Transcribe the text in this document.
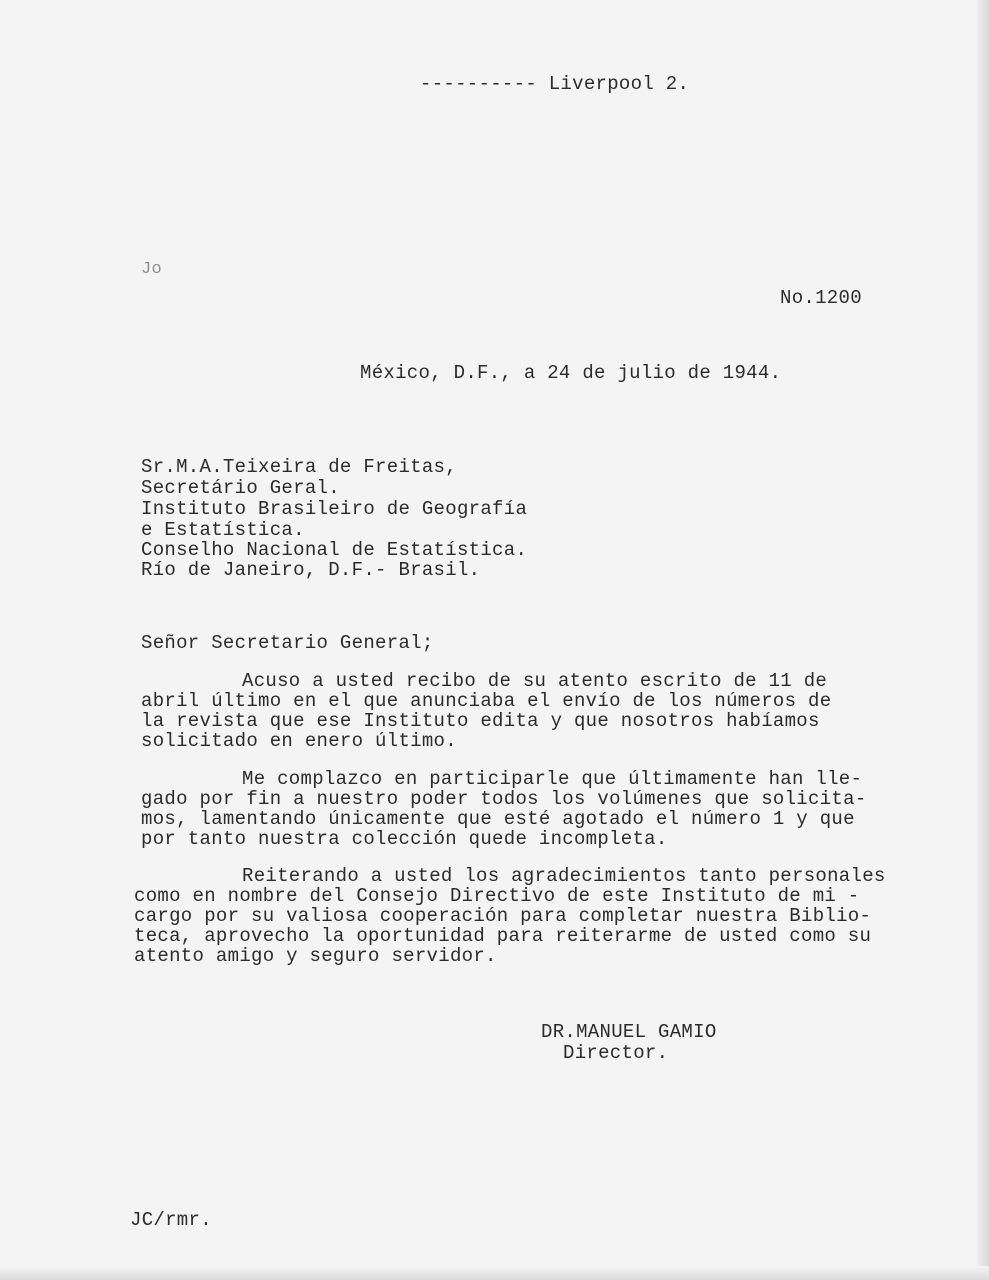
---------- Liverpool 2.
Jo
No.1200
México, D.F., a 24 de julio de 1944.
Sr.M.A.Teixeira de Freitas,
Secretário Geral.
Instituto Brasileiro de Geografía
e Estatística.
Conselho Nacional de Estatística.
Río de Janeiro, D.F.- Brasil.
Señor Secretario General;
Acuso a usted recibo de su atento escrito de 11 de
abril último en el que anunciaba el envío de los números de
la revista que ese Instituto edita y que nosotros habíamos
solicitado en enero último.
Me complazco en participarle que últimamente han lle-
gado por fin a nuestro poder todos los volúmenes que solicita-
mos, lamentando únicamente que esté agotado el número 1 y que
por tanto nuestra colección quede incompleta.
Reiterando a usted los agradecimientos tanto personales
como en nombre del Consejo Directivo de este Instituto de mi -
cargo por su valiosa cooperación para completar nuestra Biblio-
teca, aprovecho la oportunidad para reiterarme de usted como su
atento amigo y seguro servidor.
DR.MANUEL GAMIO
Director.
JC/rmr.
